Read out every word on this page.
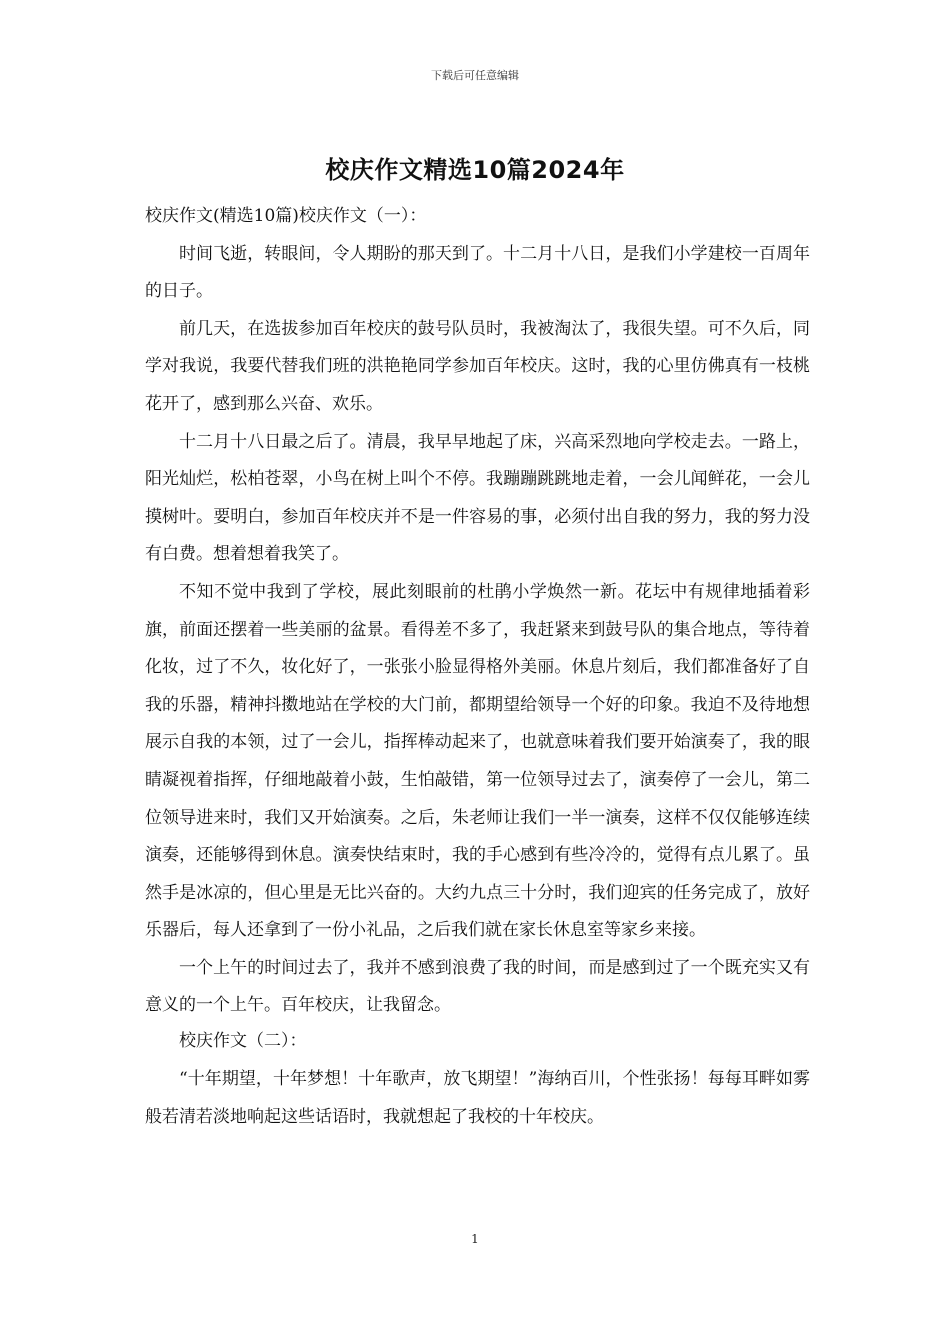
下载后可任意编辑
校庆作文精选10篇2024年

校庆作文(精选10篇)校庆作文（一）：

时间飞逝，转眼间，令人期盼的那天到了。十二月十八日，是我们小学建校一百周年的日子。

前几天，在选拔参加百年校庆的鼓号队员时，我被淘汰了，我很失望。可不久后，同学对我说，我要代替我们班的洪艳艳同学参加百年校庆。这时，我的心里仿佛真有一枝桃花开了，感到那么兴奋、欢乐。

十二月十八日最之后了。清晨，我早早地起了床，兴高采烈地向学校走去。一路上，阳光灿烂，松柏苍翠，小鸟在树上叫个不停。我蹦蹦跳跳地走着，一会儿闻鲜花，一会儿摸树叶。要明白，参加百年校庆并不是一件容易的事，必须付出自我的努力，我的努力没有白费。想着想着我笑了。

不知不觉中我到了学校，展此刻眼前的杜鹃小学焕然一新。花坛中有规律地插着彩旗，前面还摆着一些美丽的盆景。看得差不多了，我赶紧来到鼓号队的集合地点，等待着化妆，过了不久，妆化好了，一张张小脸显得格外美丽。休息片刻后，我们都准备好了自我的乐器，精神抖擞地站在学校的大门前，都期望给领导一个好的印象。我迫不及待地想展示自我的本领，过了一会儿，指挥棒动起来了，也就意味着我们要开始演奏了，我的眼睛凝视着指挥，仔细地敲着小鼓，生怕敲错，第一位领导过去了，演奏停了一会儿，第二位领导进来时，我们又开始演奏。之后，朱老师让我们一半一演奏，这样不仅仅能够连续演奏，还能够得到休息。演奏快结束时，我的手心感到有些冷冷的，觉得有点儿累了。虽然手是冰凉的，但心里是无比兴奋的。大约九点三十分时，我们迎宾的任务完成了，放好乐器后，每人还拿到了一份小礼品，之后我们就在家长休息室等家乡来接。

一个上午的时间过去了，我并不感到浪费了我的时间，而是感到过了一个既充实又有意义的一个上午。百年校庆，让我留念。

校庆作文（二）：

“十年期望，十年梦想！十年歌声，放飞期望！”海纳百川，个性张扬！每每耳畔如雾般若清若淡地响起这些话语时，我就想起了我校的十年校庆。

1
